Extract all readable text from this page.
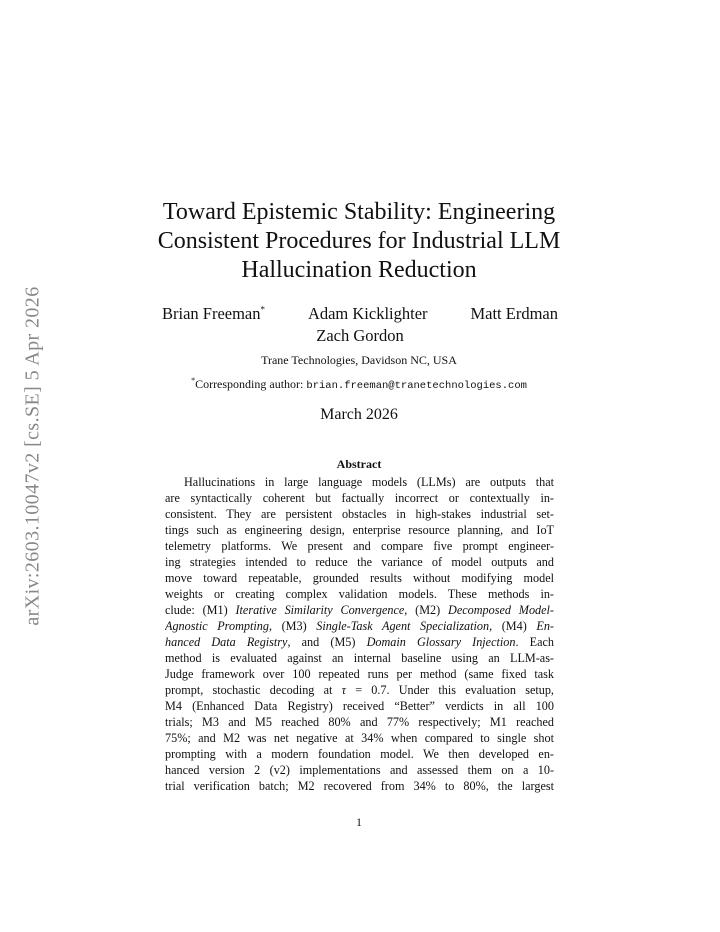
arXiv:2603.10047v2 [cs.SE] 5 Apr 2026
Toward Epistemic Stability: Engineering
Consistent Procedures for Industrial LLM
Hallucination Reduction
Brian Freeman*	Adam Kicklighter	Matt Erdman
Zach Gordon
Trane Technologies, Davidson NC, USA
*Corresponding author: brian.freeman@tranetechnologies.com
March 2026
Abstract
Hallucinations in large language models (LLMs) are outputs that
are syntactically coherent but factually incorrect or contextually in-
consistent. They are persistent obstacles in high-stakes industrial set-
tings such as engineering design, enterprise resource planning, and IoT
telemetry platforms. We present and compare five prompt engineer-
ing strategies intended to reduce the variance of model outputs and
move toward repeatable, grounded results without modifying model
weights or creating complex validation models. These methods in-
clude: (M1) Iterative Similarity Convergence, (M2) Decomposed Model-
Agnostic Prompting, (M3) Single-Task Agent Specialization, (M4) En-
hanced Data Registry, and (M5) Domain Glossary Injection. Each
method is evaluated against an internal baseline using an LLM-as-
Judge framework over 100 repeated runs per method (same fixed task
prompt, stochastic decoding at τ = 0.7. Under this evaluation setup,
M4 (Enhanced Data Registry) received “Better” verdicts in all 100
trials; M3 and M5 reached 80% and 77% respectively; M1 reached
75%; and M2 was net negative at 34% when compared to single shot
prompting with a modern foundation model. We then developed en-
hanced version 2 (v2) implementations and assessed them on a 10-
trial verification batch; M2 recovered from 34% to 80%, the largest
1
